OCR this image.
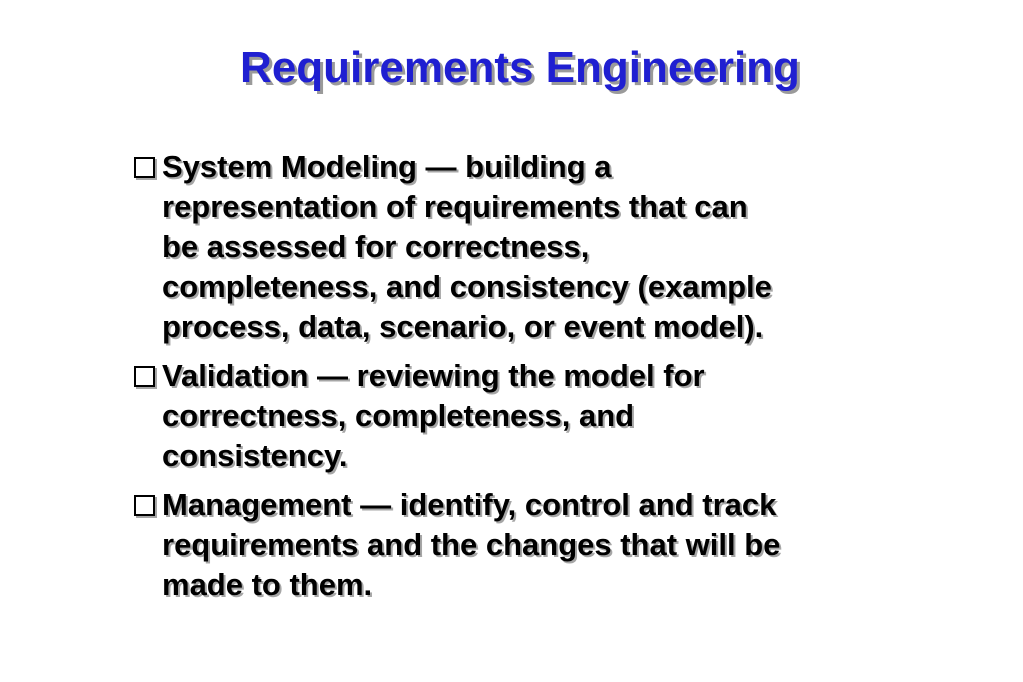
Requirements Engineering
System Modeling — building a
representation of requirements that can
be assessed for correctness,
completeness, and consistency (example
process, data, scenario, or event model).
Validation — reviewing the model for
correctness, completeness, and
consistency.
Management — identify, control and track
requirements and the changes that will be
made to them.
